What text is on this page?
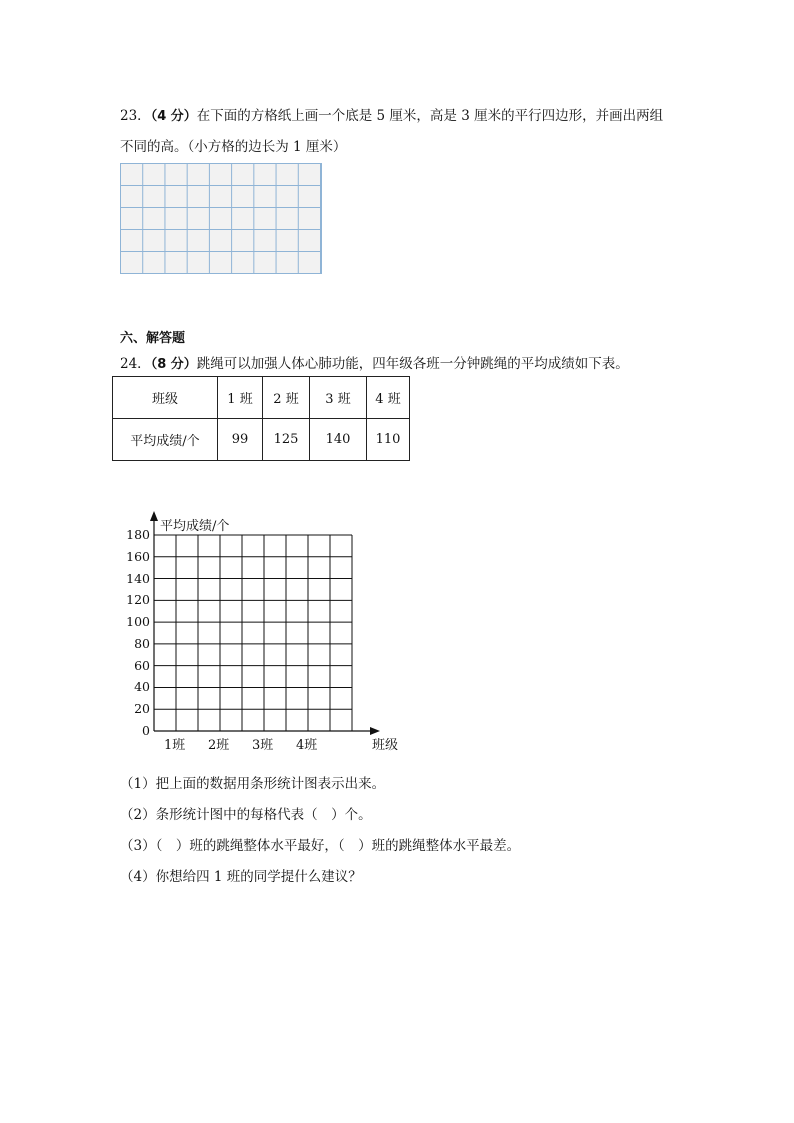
23．（4 分）在下面的方格纸上画一个底是 5 厘米，高是 3 厘米的平行四边形，并画出两组
不同的高。（小方格的边长为 1 厘米）
六、解答题
24．（8 分）跳绳可以加强人体心肺功能，四年级各班一分钟跳绳的平均成绩如下表。
班级	1 班	2 班	3 班	4 班
平均成绩/个	99	125	140	110
平均成绩/个
班级
180
160
140
120
100
80
60
40
20
0
1班 2班 3班 4班
（1）把上面的数据用条形统计图表示出来。
（2）条形统计图中的每格代表（　）个。
（3）（　）班的跳绳整体水平最好，（　）班的跳绳整体水平最差。
（4）你想给四 1 班的同学提什么建议？
